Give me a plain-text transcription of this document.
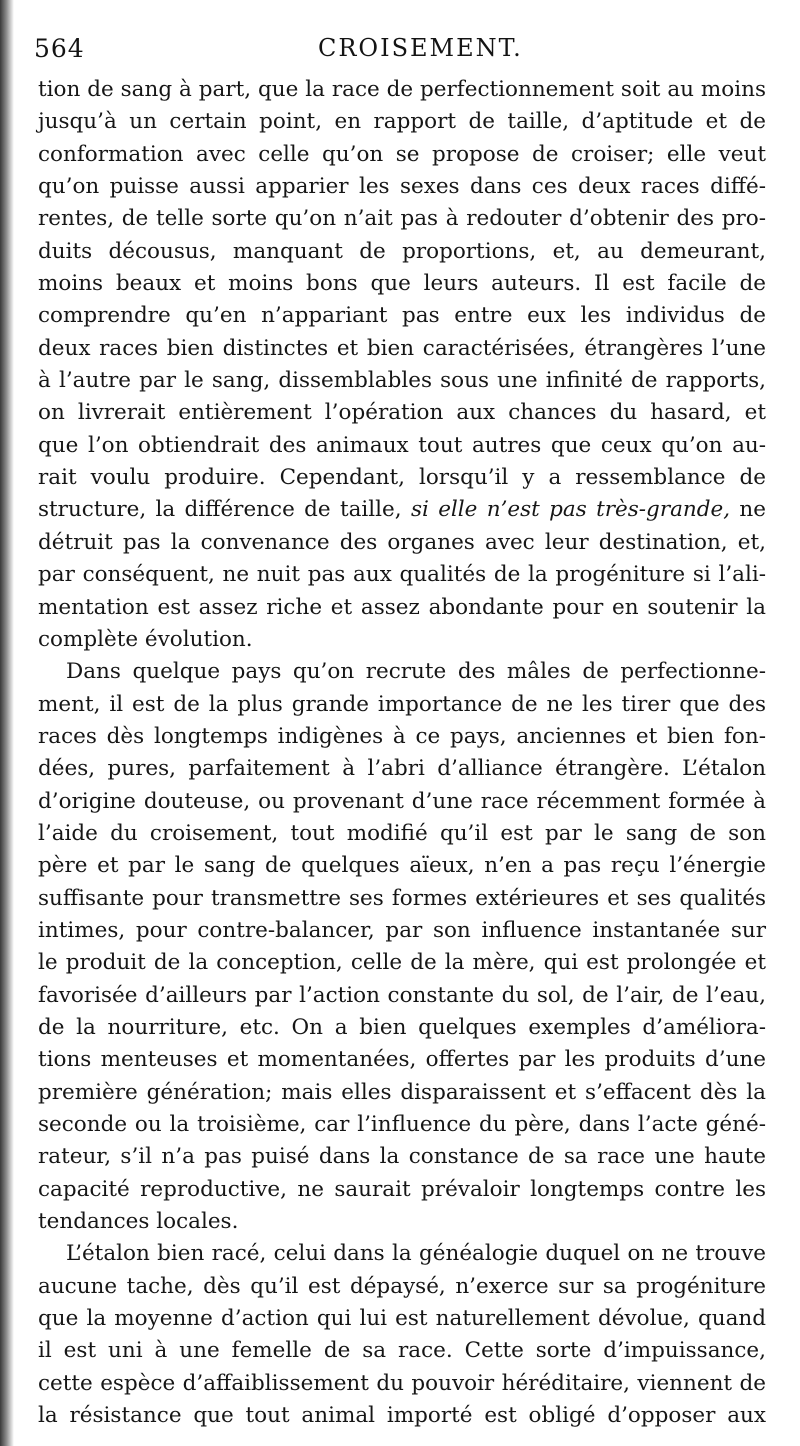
564	CROISEMENT.
tion de sang à part, que la race de perfectionnement soit au moins
jusqu’à un certain point, en rapport de taille, d’aptitude et de
conformation avec celle qu’on se propose de croiser; elle veut
qu’on puisse aussi apparier les sexes dans ces deux races diffé-
rentes, de telle sorte qu’on n’ait pas à redouter d’obtenir des pro-
duits décousus, manquant de proportions, et, au demeurant,
moins beaux et moins bons que leurs auteurs. Il est facile de
comprendre qu’en n’appariant pas entre eux les individus de
deux races bien distinctes et bien caractérisées, étrangères l’une
à l’autre par le sang, dissemblables sous une infinité de rapports,
on livrerait entièrement l’opération aux chances du hasard, et
que l’on obtiendrait des animaux tout autres que ceux qu’on au-
rait voulu produire. Cependant, lorsqu’il y a ressemblance de
structure, la différence de taille, si elle n’est pas très-grande, ne
détruit pas la convenance des organes avec leur destination, et,
par conséquent, ne nuit pas aux qualités de la progéniture si l’ali-
mentation est assez riche et assez abondante pour en soutenir la
complète évolution.
Dans quelque pays qu’on recrute des mâles de perfectionne-
ment, il est de la plus grande importance de ne les tirer que des
races dès longtemps indigènes à ce pays, anciennes et bien fon-
dées, pures, parfaitement à l’abri d’alliance étrangère. L’étalon
d’origine douteuse, ou provenant d’une race récemment formée à
l’aide du croisement, tout modifié qu’il est par le sang de son
père et par le sang de quelques aïeux, n’en a pas reçu l’énergie
suffisante pour transmettre ses formes extérieures et ses qualités
intimes, pour contre-balancer, par son influence instantanée sur
le produit de la conception, celle de la mère, qui est prolongée et
favorisée d’ailleurs par l’action constante du sol, de l’air, de l’eau,
de la nourriture, etc. On a bien quelques exemples d’améliora-
tions menteuses et momentanées, offertes par les produits d’une
première génération; mais elles disparaissent et s’effacent dès la
seconde ou la troisième, car l’influence du père, dans l’acte géné-
rateur, s’il n’a pas puisé dans la constance de sa race une haute
capacité reproductive, ne saurait prévaloir longtemps contre les
tendances locales.
L’étalon bien racé, celui dans la généalogie duquel on ne trouve
aucune tache, dès qu’il est dépaysé, n’exerce sur sa progéniture
que la moyenne d’action qui lui est naturellement dévolue, quand
il est uni à une femelle de sa race. Cette sorte d’impuissance,
cette espèce d’affaiblissement du pouvoir héréditaire, viennent de
la résistance que tout animal importé est obligé d’opposer aux
